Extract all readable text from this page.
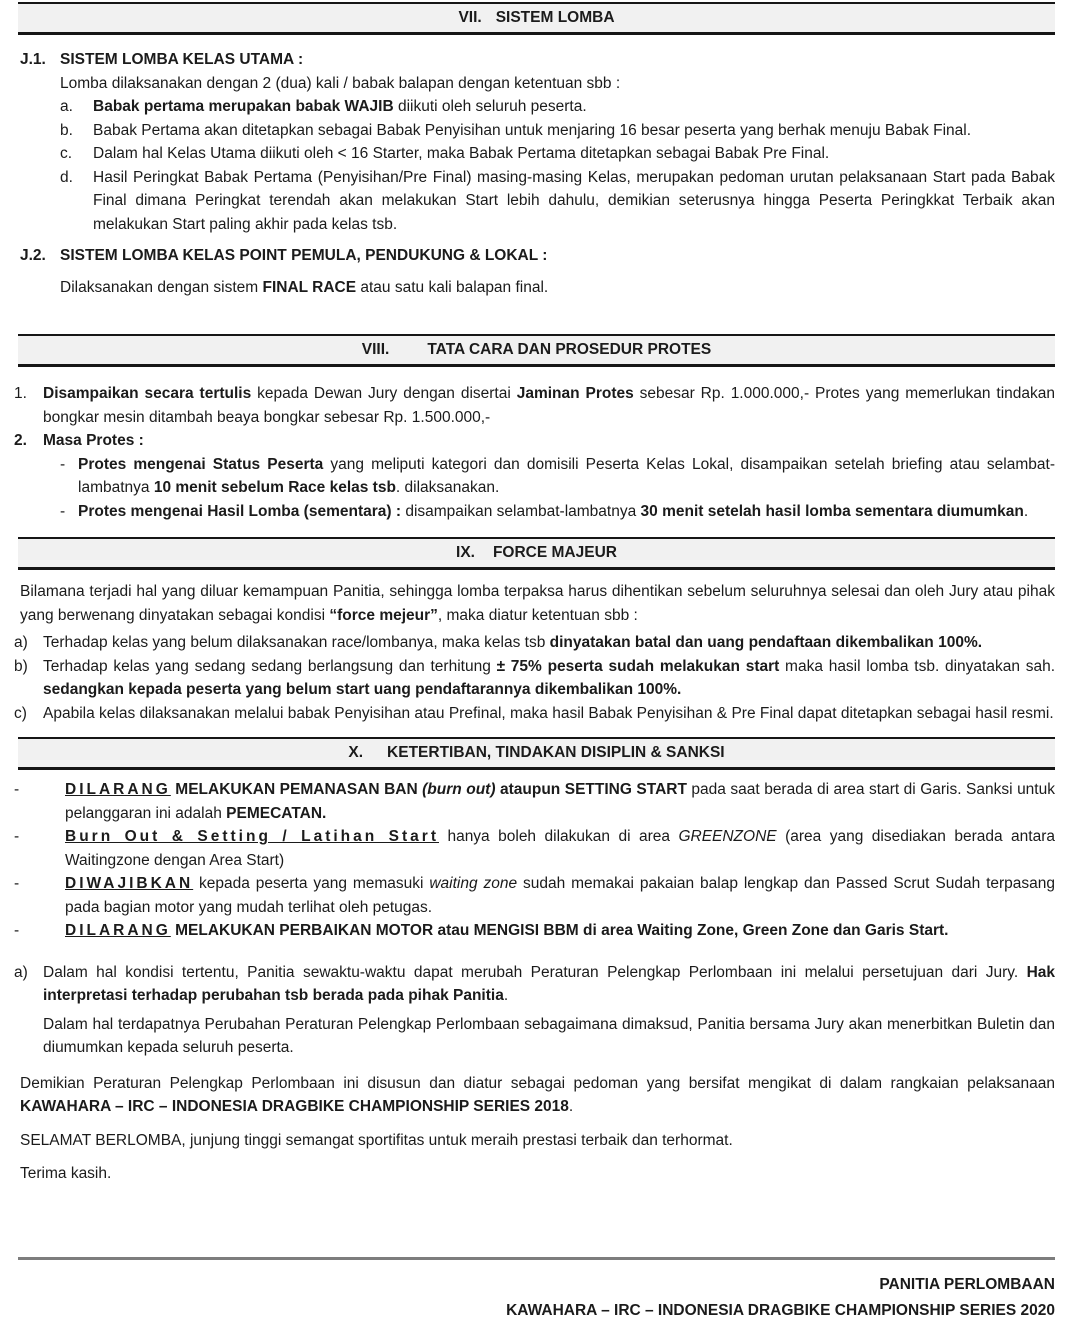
VII. SISTEM LOMBA
J.1. SISTEM LOMBA KELAS UTAMA :
Lomba dilaksanakan dengan 2 (dua) kali / babak balapan dengan ketentuan sbb :
a.	Babak pertama merupakan babak WAJIB diikuti oleh seluruh peserta.
b.	Babak Pertama akan ditetapkan sebagai Babak Penyisihan untuk menjaring 16 besar peserta yang berhak menuju Babak Final.
c.	Dalam hal Kelas Utama diikuti oleh < 16 Starter, maka Babak Pertama ditetapkan sebagai Babak Pre Final.
d.	Hasil Peringkat Babak Pertama (Penyisihan/Pre Final) masing-masing Kelas, merupakan pedoman urutan pelaksanaan Start pada Babak Final dimana Peringkat terendah akan melakukan Start lebih dahulu, demikian seterusnya hingga Peserta Peringkkat Terbaik akan melakukan Start paling akhir pada kelas tsb.
J.2. SISTEM LOMBA KELAS POINT PEMULA, PENDUKUNG & LOKAL :
Dilaksanakan dengan sistem FINAL RACE atau satu kali balapan final.
VIII. TATA CARA DAN PROSEDUR PROTES
1.	Disampaikan secara tertulis kepada Dewan Jury dengan disertai Jaminan Protes sebesar Rp. 1.000.000,- Protes yang memerlukan tindakan bongkar mesin ditambah beaya bongkar sebesar Rp. 1.500.000,-
2.	Masa Protes :
- Protes mengenai Status Peserta yang meliputi kategori dan domisili Peserta Kelas Lokal, disampaikan setelah briefing atau selambat-lambatnya 10 menit sebelum Race kelas tsb. dilaksanakan.
- Protes mengenai Hasil Lomba (sementara) : disampaikan selambat-lambatnya 30 menit setelah hasil lomba sementara diumumkan.
IX. FORCE MAJEUR
Bilamana terjadi hal yang diluar kemampuan Panitia, sehingga lomba terpaksa harus dihentikan sebelum seluruhnya selesai dan oleh Jury atau pihak yang berwenang dinyatakan sebagai kondisi “force mejeur”, maka diatur ketentuan sbb :
a) Terhadap kelas yang belum dilaksanakan race/lombanya, maka kelas tsb dinyatakan batal dan uang pendaftaan dikembalikan 100%.
b) Terhadap kelas yang sedang sedang berlangsung dan terhitung ± 75% peserta sudah melakukan start maka hasil lomba tsb. dinyatakan sah. sedangkan kepada peserta yang belum start uang pendaftarannya dikembalikan 100%.
c)	Apabila kelas dilaksanakan melalui babak Penyisihan atau Prefinal, maka hasil Babak Penyisihan & Pre Final dapat ditetapkan sebagai hasil resmi.
X. KETERTIBAN, TINDAKAN DISIPLIN & SANKSI
-	DILARANG MELAKUKAN PEMANASAN BAN (burn out) ataupun SETTING START pada saat berada di area start di Garis. Sanksi untuk pelanggaran ini adalah PEMECATAN.
-	Burn Out & Setting / Latihan Start hanya boleh dilakukan di area GREENZONE (area yang disediakan berada antara Waitingzone dengan Area Start)
-	DIWAJIBKAN kepada peserta yang memasuki waiting zone sudah memakai pakaian balap lengkap dan Passed Scrut Sudah terpasang pada bagian motor yang mudah terlihat oleh petugas.
-	DILARANG MELAKUKAN PERBAIKAN MOTOR atau MENGISI BBM di area Waiting Zone, Green Zone dan Garis Start.
a) Dalam hal kondisi tertentu, Panitia sewaktu-waktu dapat merubah Peraturan Pelengkap Perlombaan ini melalui persetujuan dari Jury. Hak interpretasi terhadap perubahan tsb berada pada pihak Panitia.
Dalam hal terdapatnya Perubahan Peraturan Pelengkap Perlombaan sebagaimana dimaksud, Panitia bersama Jury akan menerbitkan Buletin dan diumumkan kepada seluruh peserta.
Demikian Peraturan Pelengkap Perlombaan ini disusun dan diatur sebagai pedoman yang bersifat mengikat di dalam rangkaian pelaksanaan KAWAHARA – IRC – INDONESIA DRAGBIKE CHAMPIONSHIP SERIES 2018.
SELAMAT BERLOMBA, junjung tinggi semangat sportifitas untuk meraih prestasi terbaik dan terhormat.
Terima kasih.
PANITIA PERLOMBAAN
KAWAHARA – IRC – INDONESIA DRAGBIKE CHAMPIONSHIP SERIES 2020
